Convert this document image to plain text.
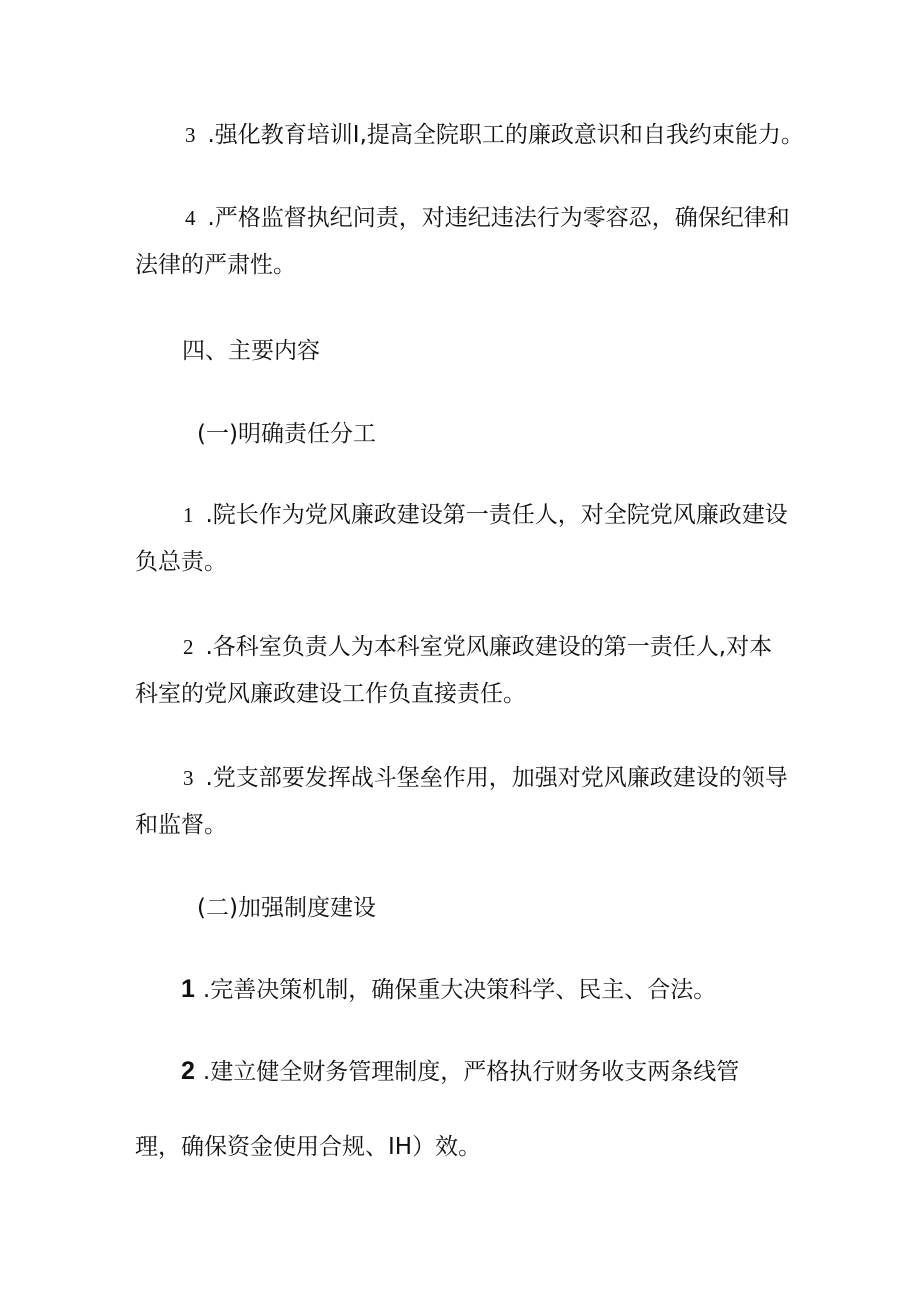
3 .强化教育培训I,提高全院职工的廉政意识和自我约束能力。
4 .严格监督执纪问责，对违纪违法行为零容忍，确保纪律和
法律的严肃性。
四、主要内容
(一)明确责任分工
1 .院长作为党风廉政建设第一责任人，对全院党风廉政建设
负总责。
2 .各科室负责人为本科室党风廉政建设的第一责任人,对本
科室的党风廉政建设工作负直接责任。
3 .党支部要发挥战斗堡垒作用，加强对党风廉政建设的领导
和监督。
(二)加强制度建设
1 .完善决策机制，确保重大决策科学、民主、合法。
2 .建立健全财务管理制度，严格执行财务收支两条线管
理，确保资金使用合规、IH）效。
